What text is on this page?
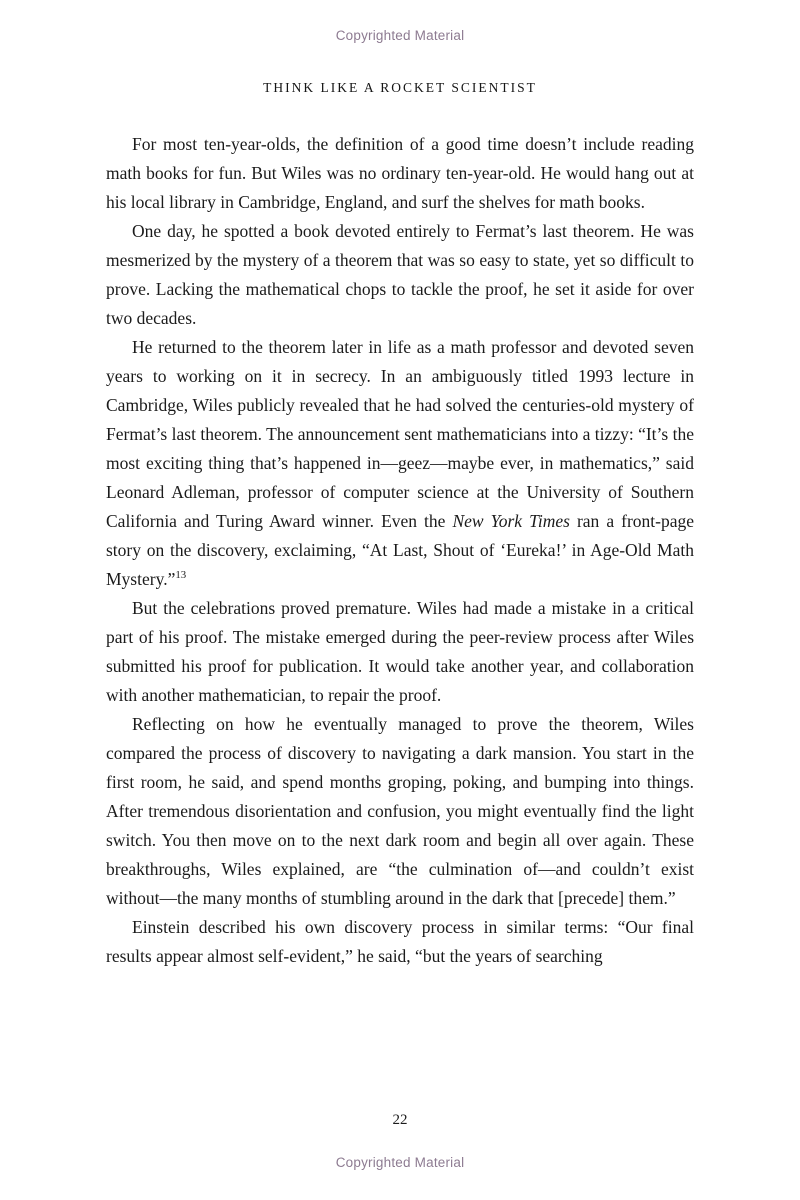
Copyrighted Material
THINK LIKE A ROCKET SCIENTIST

For most ten-year-olds, the definition of a good time doesn’t include reading math books for fun. But Wiles was no ordinary ten-year-old. He would hang out at his local library in Cambridge, England, and surf the shelves for math books.

One day, he spotted a book devoted entirely to Fermat’s last theorem. He was mesmerized by the mystery of a theorem that was so easy to state, yet so difficult to prove. Lacking the mathematical chops to tackle the proof, he set it aside for over two decades.

He returned to the theorem later in life as a math professor and devoted seven years to working on it in secrecy. In an ambiguously titled 1993 lecture in Cambridge, Wiles publicly revealed that he had solved the centuries-old mystery of Fermat’s last theorem. The announcement sent mathematicians into a tizzy: “It’s the most exciting thing that’s happened in—geez—maybe ever, in mathematics,” said Leonard Adleman, professor of computer science at the University of Southern California and Turing Award winner. Even the New York Times ran a front-page story on the discovery, exclaiming, “At Last, Shout of ‘Eureka!’ in Age-Old Math Mystery.”$^{13}$

But the celebrations proved premature. Wiles had made a mistake in a critical part of his proof. The mistake emerged during the peer-review process after Wiles submitted his proof for publication. It would take another year, and collaboration with another mathematician, to repair the proof.

Reflecting on how he eventually managed to prove the theorem, Wiles compared the process of discovery to navigating a dark mansion. You start in the first room, he said, and spend months groping, poking, and bumping into things. After tremendous disorientation and confusion, you might eventually find the light switch. You then move on to the next dark room and begin all over again. These breakthroughs, Wiles explained, are “the culmination of—and couldn’t exist without—the many months of stumbling around in the dark that [precede] them.”

Einstein described his own discovery process in similar terms: “Our final results appear almost self-evident,” he said, “but the years of searching

22
Copyrighted Material
